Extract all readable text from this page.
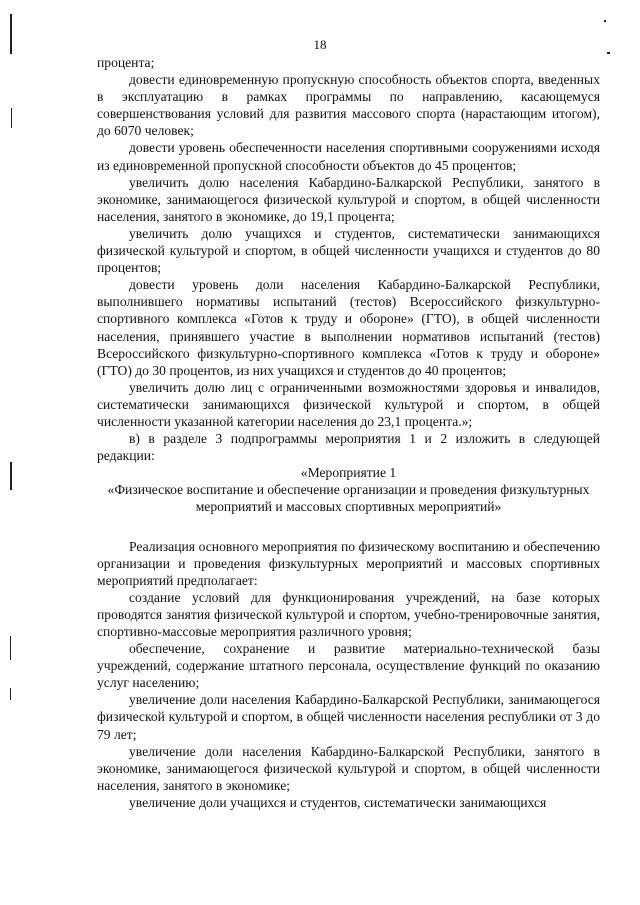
18

процента;

довести единовременную пропускную способность объектов спорта, введенных в эксплуатацию в рамках программы по направлению, касающемуся совершенствования условий для развития массового спорта (нарастающим итогом), до 6070 человек;

довести уровень обеспеченности населения спортивными сооружениями исходя из единовременной пропускной способности объектов до 45 процентов;

увеличить долю населения Кабардино-Балкарской Республики, занятого в экономике, занимающегося физической культурой и спортом, в общей численности населения, занятого в экономике, до 19,1 процента;

увеличить долю учащихся и студентов, систематически занимающихся физической культурой и спортом, в общей численности учащихся и студентов до 80 процентов;

довести уровень доли населения Кабардино-Балкарской Республики, выполнившего нормативы испытаний (тестов) Всероссийского физкультурно-спортивного комплекса «Готов к труду и обороне» (ГТО), в общей численности населения, принявшего участие в выполнении нормативов испытаний (тестов) Всероссийского физкультурно-спортивного комплекса «Готов к труду и обороне» (ГТО) до 30 процентов, из них учащихся и студентов до 40 процентов;

увеличить долю лиц с ограниченными возможностями здоровья и инвалидов, систематически занимающихся физической культурой и спортом, в общей численности указанной категории населения до 23,1 процента.»;

в) в разделе 3 подпрограммы мероприятия 1 и 2 изложить в следующей редакции:

«Мероприятие 1

«Физическое воспитание и обеспечение организации и проведения физкультурных мероприятий и массовых спортивных мероприятий»

Реализация основного мероприятия по физическому воспитанию и обеспечению организации и проведения физкультурных мероприятий и массовых спортивных мероприятий предполагает:

создание условий для функционирования учреждений, на базе которых проводятся занятия физической культурой и спортом, учебно-тренировочные занятия, спортивно-массовые мероприятия различного уровня;

обеспечение, сохранение и развитие материально-технической базы учреждений, содержание штатного персонала, осуществление функций по оказанию услуг населению;

увеличение доли населения Кабардино-Балкарской Республики, занимающегося физической культурой и спортом, в общей численности населения республики от 3 до 79 лет;

увеличение доли населения Кабардино-Балкарской Республики, занятого в экономике, занимающегося физической культурой и спортом, в общей численности населения, занятого в экономике;

увеличение доли учащихся и студентов, систематически занимающихся
